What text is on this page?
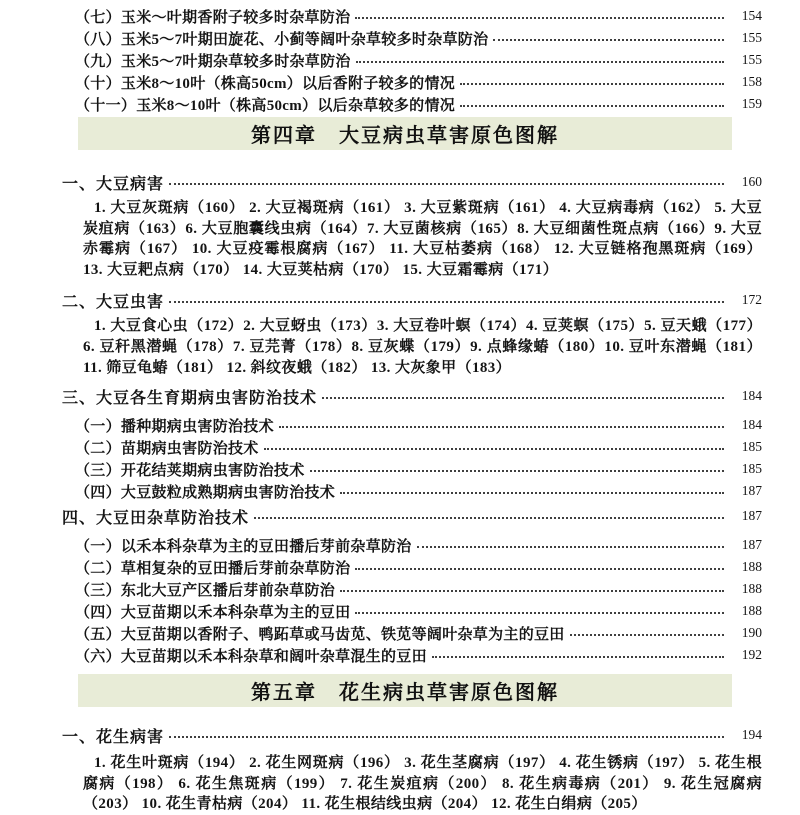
（七）玉米～叶期香附子较多时杂草防治	154
（八）玉米5～7叶期田旋花、小蓟等阔叶杂草较多时杂草防治	155
（九）玉米5～7叶期杂草较多时杂草防治	155
（十）玉米8～10叶（株高50cm）以后香附子较多的情况	158
（十一）玉米8～10叶（株高50cm）以后杂草较多的情况	159
第四章　大豆病虫草害原色图解
一、大豆病害	160

1. 大豆灰斑病（160） 2. 大豆褐斑病（161） 3. 大豆紫斑病（161） 4. 大豆病毒病（162） 5. 大豆炭疽病（163）6. 大豆胞囊线虫病（164）7. 大豆菌核病（165）8. 大豆细菌性斑点病（166）9. 大豆赤霉病（167） 10. 大豆疫霉根腐病（167） 11. 大豆枯萎病（168） 12. 大豆链格孢黑斑病（169） 13. 大豆耙点病（170） 14. 大豆荚枯病（170） 15. 大豆霜霉病（171）

二、大豆虫害	172

1. 大豆食心虫（172）2. 大豆蚜虫（173）3. 大豆卷叶螟（174）4. 豆荚螟（175）5. 豆天蛾（177）6. 豆秆黑潜蝇（178）7. 豆芫菁（178）8. 豆灰蝶（179）9. 点蜂缘蝽（180）10. 豆叶东潜蝇（181）11. 筛豆龟蝽（181） 12. 斜纹夜蛾（182） 13. 大灰象甲（183）

三、大豆各生育期病虫害防治技术	184
（一）播种期病虫害防治技术	184
（二）苗期病虫害防治技术	185
（三）开花结荚期病虫害防治技术	185
（四）大豆鼓粒成熟期病虫害防治技术	187
四、大豆田杂草防治技术	187
（一）以禾本科杂草为主的豆田播后芽前杂草防治	187
（二）草相复杂的豆田播后芽前杂草防治	188
（三）东北大豆产区播后芽前杂草防治	188
（四）大豆苗期以禾本科杂草为主的豆田	188
（五）大豆苗期以香附子、鸭跖草或马齿苋、铁苋等阔叶杂草为主的豆田	190
（六）大豆苗期以禾本科杂草和阔叶杂草混生的豆田	192
第五章　花生病虫草害原色图解
一、花生病害	194

1. 花生叶斑病（194） 2. 花生网斑病（196） 3. 花生茎腐病（197） 4. 花生锈病（197） 5. 花生根腐病（198） 6. 花生焦斑病（199） 7. 花生炭疽病（200） 8. 花生病毒病（201） 9. 花生冠腐病（203） 10. 花生青枯病（204） 11. 花生根结线虫病（204） 12. 花生白绢病（205）
